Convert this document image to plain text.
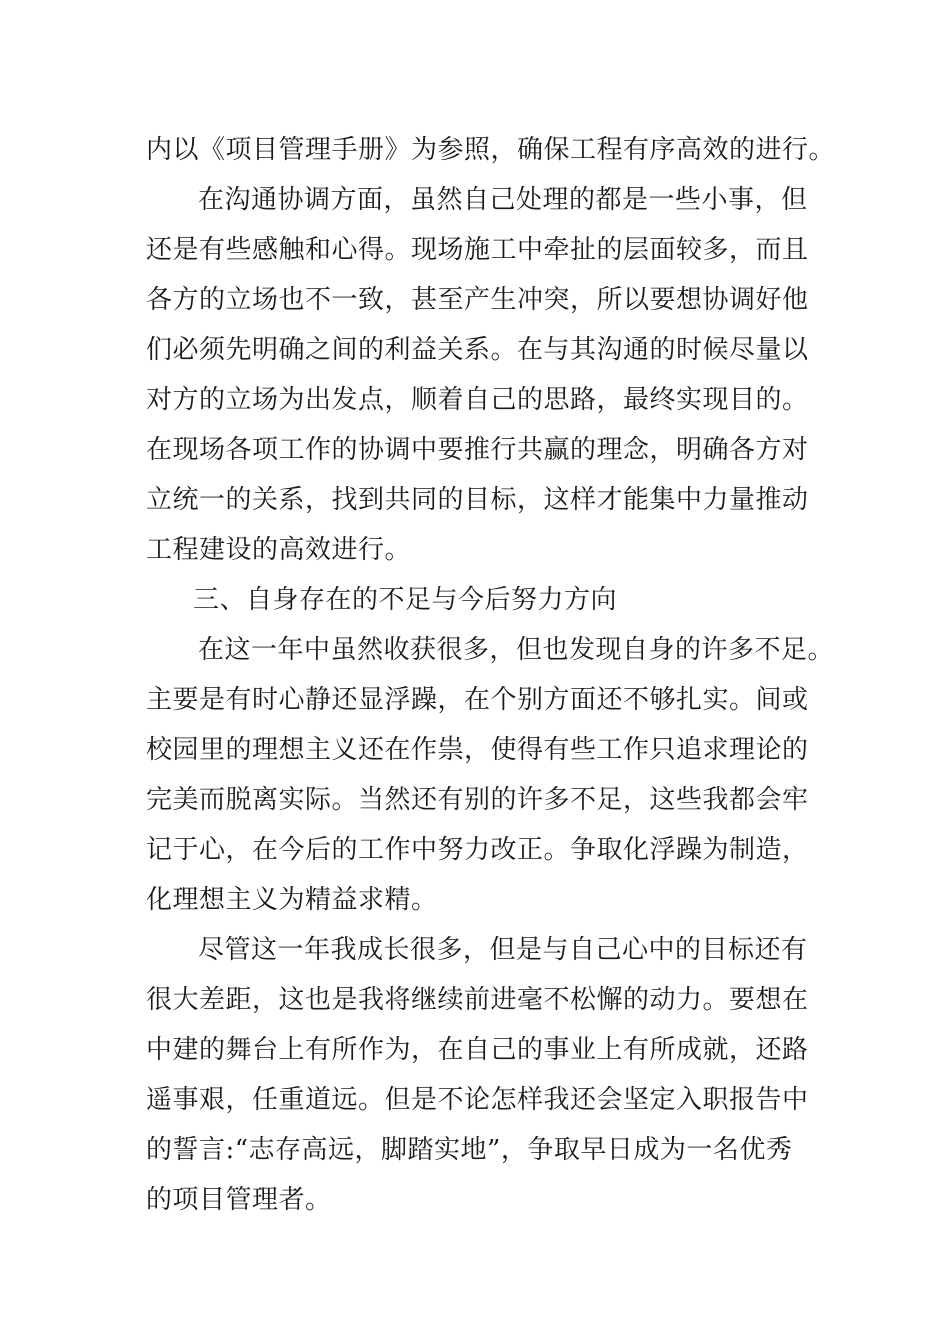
内以《项目管理手册》为参照，确保工程有序高效的进行。
在沟通协调方面，虽然自己处理的都是一些小事，但
还是有些感触和心得。现场施工中牵扯的层面较多，而且
各方的立场也不一致，甚至产生冲突，所以要想协调好他
们必须先明确之间的利益关系。在与其沟通的时候尽量以
对方的立场为出发点，顺着自己的思路，最终实现目的。
在现场各项工作的协调中要推行共赢的理念，明确各方对
立统一的关系，找到共同的目标，这样才能集中力量推动
工程建设的高效进行。
三、自身存在的不足与今后努力方向
在这一年中虽然收获很多，但也发现自身的许多不足。
主要是有时心静还显浮躁，在个别方面还不够扎实。间或
校园里的理想主义还在作祟，使得有些工作只追求理论的
完美而脱离实际。当然还有别的许多不足，这些我都会牢
记于心，在今后的工作中努力改正。争取化浮躁为制造，
化理想主义为精益求精。
尽管这一年我成长很多，但是与自己心中的目标还有
很大差距，这也是我将继续前进毫不松懈的动力。要想在
中建的舞台上有所作为，在自己的事业上有所成就，还路
遥事艰，任重道远。但是不论怎样我还会坚定入职报告中
的誓言:“志存高远，脚踏实地”，争取早日成为一名优秀
的项目管理者。
